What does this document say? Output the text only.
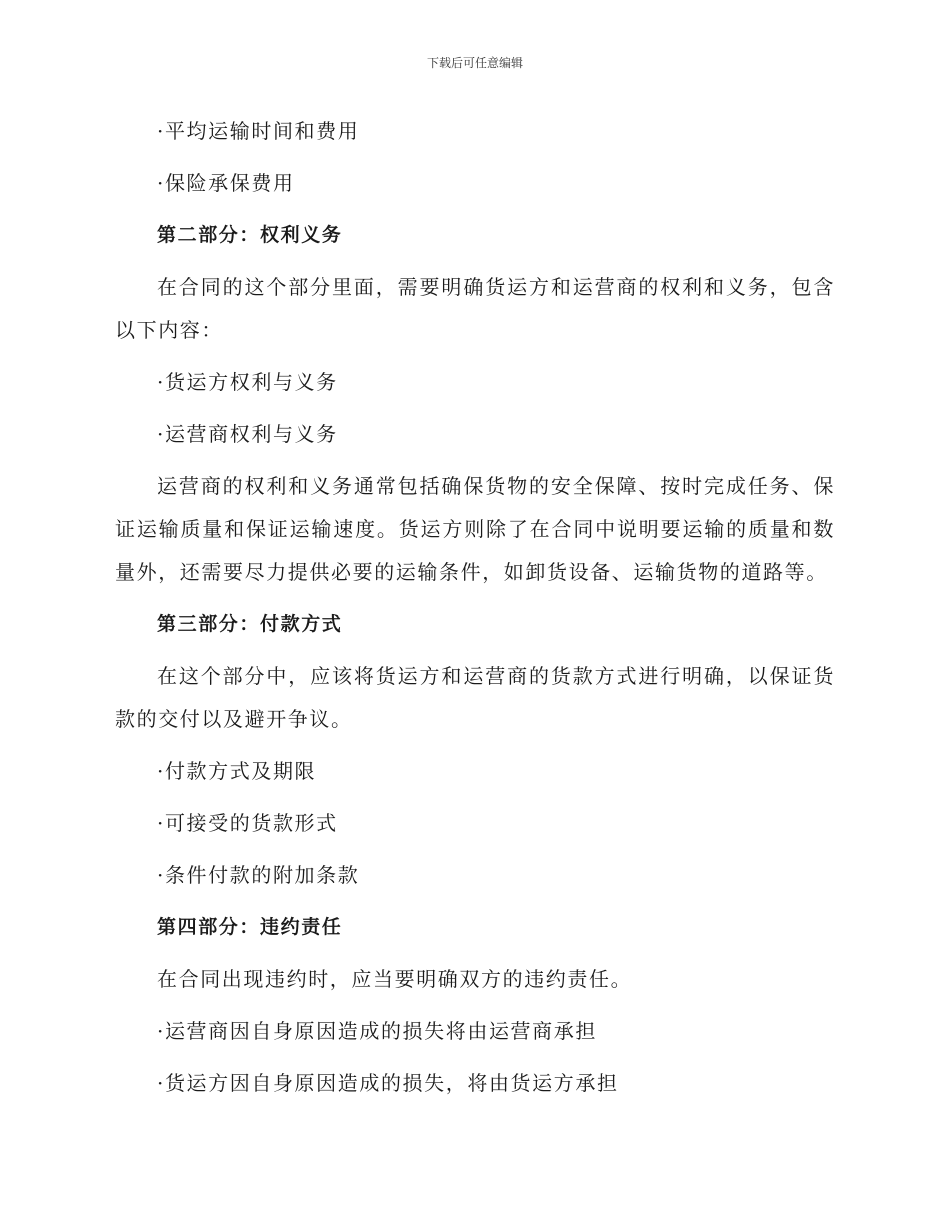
下载后可任意编辑

·平均运输时间和费用

·保险承保费用

第二部分：权利义务

在合同的这个部分里面，需要明确货运方和运营商的权利和义务，包含以下内容：

·货运方权利与义务

·运营商权利与义务

运营商的权利和义务通常包括确保货物的安全保障、按时完成任务、保证运输质量和保证运输速度。货运方则除了在合同中说明要运输的质量和数量外，还需要尽力提供必要的运输条件，如卸货设备、运输货物的道路等。

第三部分：付款方式

在这个部分中，应该将货运方和运营商的货款方式进行明确，以保证货款的交付以及避开争议。

·付款方式及期限

·可接受的货款形式

·条件付款的附加条款

第四部分：违约责任

在合同出现违约时，应当要明确双方的违约责任。

·运营商因自身原因造成的损失将由运营商承担

·货运方因自身原因造成的损失，将由货运方承担
